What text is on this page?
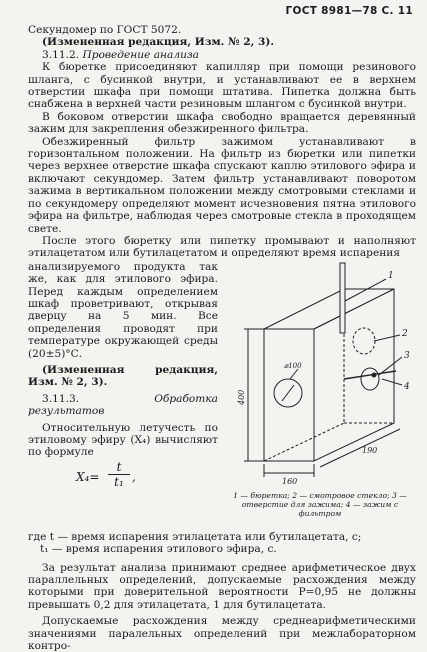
ГОСТ 8981—78 С. 11

Секундомер по ГОСТ 5072.

(Измененная редакция, Изм. № 2, 3).

3.11.2. Проведение анализа

К бюретке присоединяют капилляр при помощи резинового шланга, с бусинкой внутри, и устанавливают ее в верхнем отверстии шкафа при помощи штатива. Пипетка должна быть снабжена в верхней части резиновым шлангом с бусинкой внутри.

В боковом отверстии шкафа свободно вращается деревянный зажим для закрепления обезжиренного фильтра.

Обезжиренный фильтр зажимом устанавливают в горизонтальном положении. На фильтр из бюретки или пипетки через верхнее отверстие шкафа спускают каплю этилового эфира и включают секундомер. Затем фильтр устанавливают поворотом зажима в вертикальном положении между смотровыми стеклами и по секундомеру определяют момент исчезновения пятна этилового эфира на фильтре, наблюдая через смотровые стекла в проходящем свете.

После этого бюретку или пипетку промывают и наполняют этилацетатом или бутилацетатом и определяют время испарения

анализируемого продукта так же, как для этилового эфира. Перед каждым определением шкаф проветривают, открывая дверцу на 5 мин. Все определения проводят при температуре окружающей среды (20±5)°С.

(Измененная редакция, Изм. № 2, 3).

3.11.3.	Обработка результатов

Относительную летучесть по этиловому эфиру (X₄) вычисляют по формуле

$X_4= \frac{t}{\text{t₁}}$ ,
1
2
3
4
⌀100
160
190
400
1 — бюретка; 2 — смотровое стекло; 3 — отверстие для зажима; 4 — зажим с фильтром

где t — время испарения этилацетата или бутилацетата, с;

t₁ — время испарения этилового эфира, с.

За результат анализа принимают среднее арифметическое двух параллельных определений, допускаемые расхождения между которыми при доверительной вероятности P=0,95 не должны превышать 0,2 для этилацетата, 1 для бутилацетата.

Допускаемые расхождения между среднеарифметическими значениями паралельных определений при межлабораторном контро-
